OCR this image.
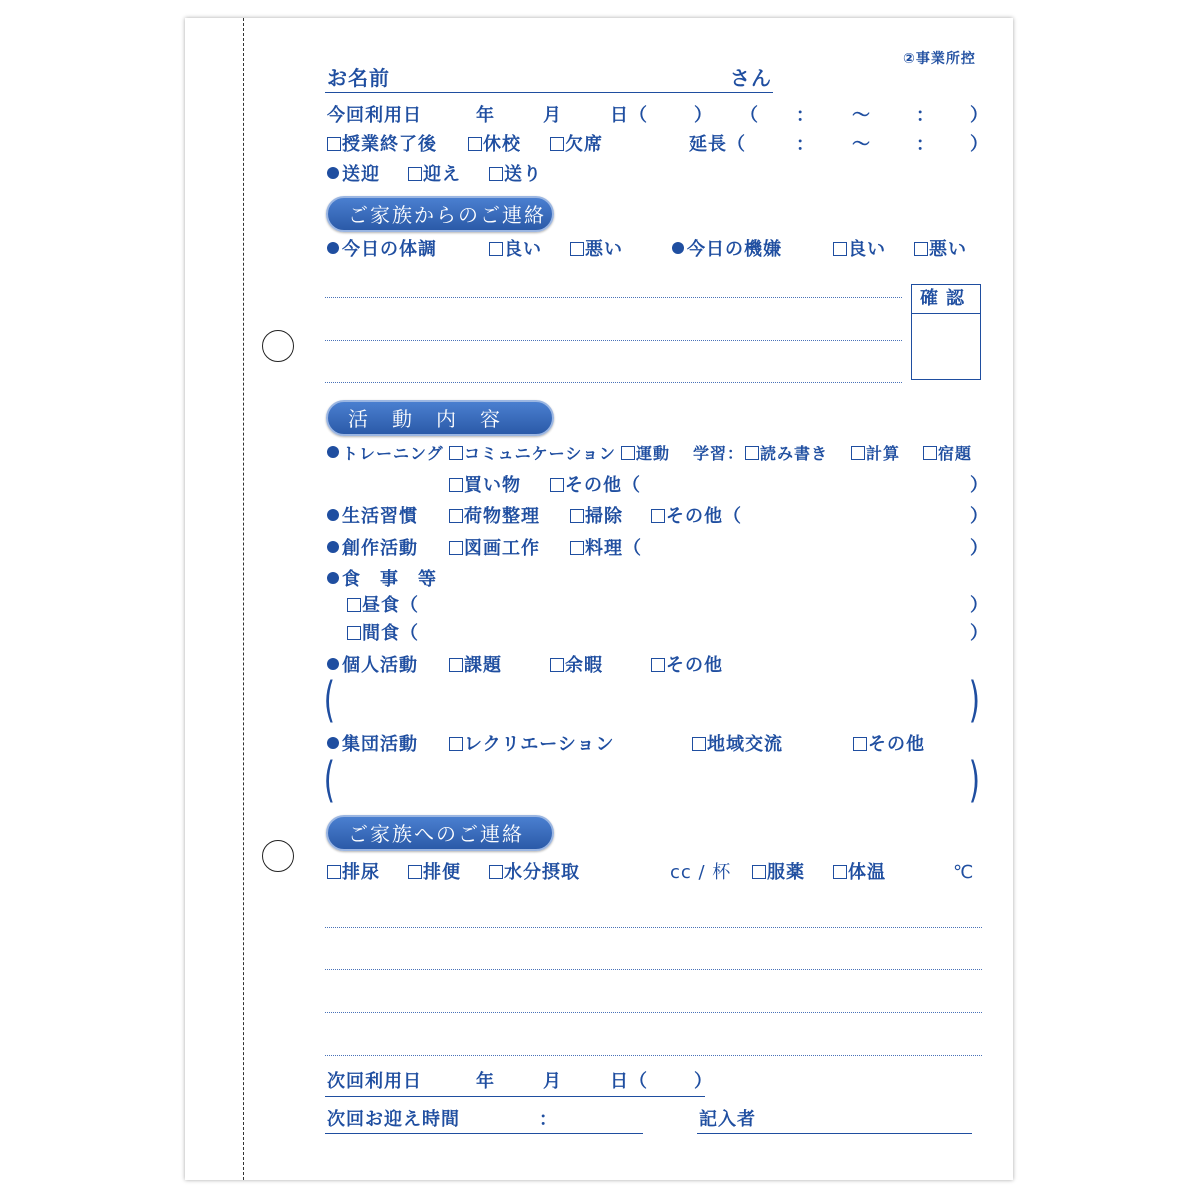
②事業所控
お名前	さん
今回利用日	年	月	日（	） （ ： ～	： ）
授業終了後	休校	欠席	延長（	： ～	： ）
送迎	迎え	送り
ご家族からのご連絡
今日の体調	良い	悪い	今日の機嫌	良い	悪い
確認
活　動　内　容
トレーニング	コミュニケーション	運動 学習： 読み書き	計算	宿題
買い物	その他（	）
生活習慣	荷物整理	掃除	その他（	）
創作活動	図画工作	料理（	）
食　事　等
昼食（	）
間食（	）
個人活動	課題	余暇	その他
(	)
集団活動	レクリエーション	地域交流	その他
(	)
ご家族へのご連絡
排尿	排便	水分摂取	cc / 杯	服薬	体温	℃
次回利用日	年	月	日（	）
次回お迎え時間	：	記入者
